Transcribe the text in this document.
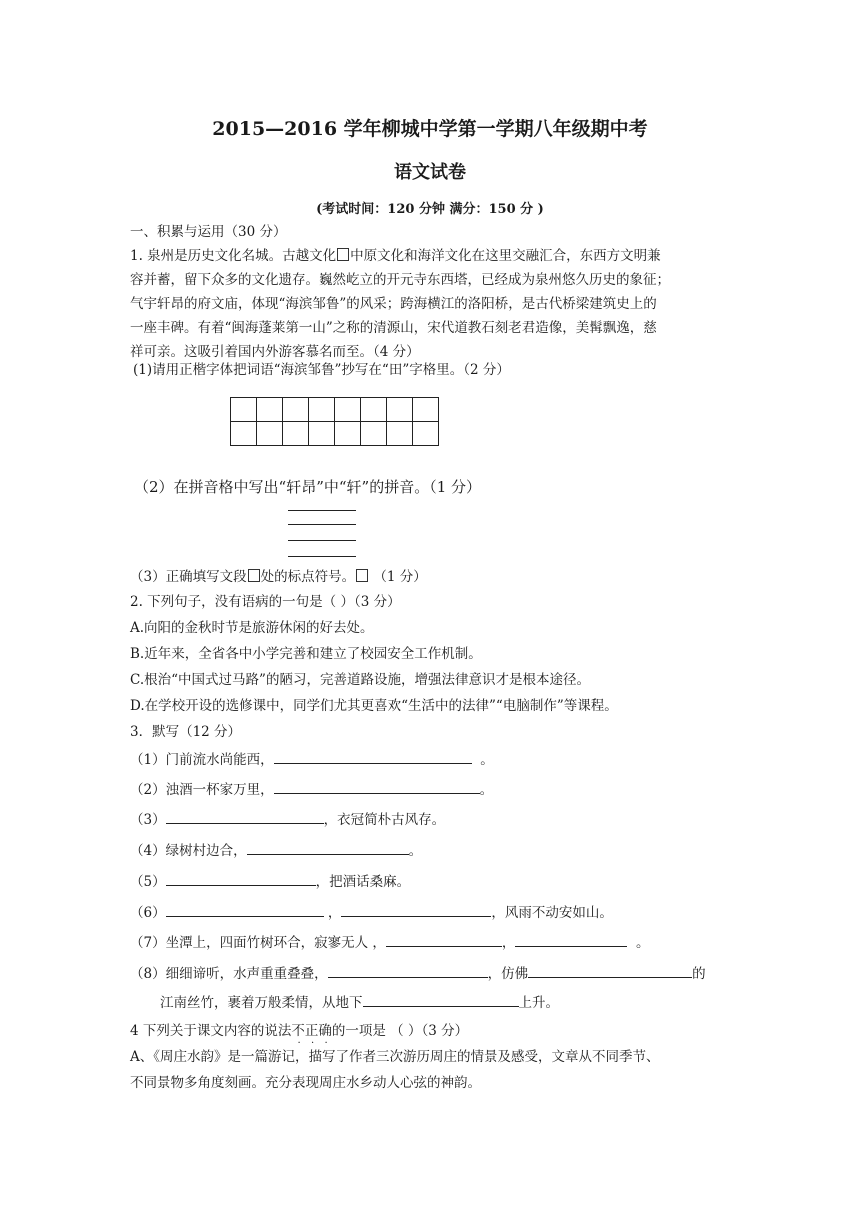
2015—2016 学年柳城中学第一学期八年级期中考
语文试卷
(考试时间：120 分钟 满分：150 分 )
一、积累与运用（30 分）
1. 泉州是历史文化名城。古越文化 中原文化和海洋文化在这里交融汇合，东西方文明兼
容并蓄，留下众多的文化遗存。巍然屹立的开元寺东西塔，已经成为泉州悠久历史的象征；
气宇轩昂的府文庙，体现“海滨邹鲁”的风采；跨海横江的洛阳桥，是古代桥梁建筑史上的
一座丰碑。有着“闽海蓬莱第一山”之称的清源山，宋代道教石刻老君造像，美髯飘逸，慈
祥可亲。这吸引着国内外游客慕名而至。（4 分）
(1)请用正楷字体把词语“海滨邹鲁”抄写在“田”字格里。（2 分）

（2）在拼音格中写出“轩昂”中“轩”的拼音。（1 分）
（3）正确填写文段 处的标点符号。 （1 分）
2. 下列句子，没有语病的一句是（ ）（3 分）
A.向阳的金秋时节是旅游休闲的好去处。
B.近年来，全省各中小学完善和建立了校园安全工作机制。
C.根治“中国式过马路”的陋习，完善道路设施，增强法律意识才是根本途径。
D.在学校开设的选修课中，同学们尤其更喜欢“生活中的法律”“电脑制作”等课程。
3．默写（12 分）
（1）门前流水尚能西，	。
（2）浊酒一杯家万里，	。
（3）	，衣冠简朴古风存。
（4）绿树村边合，	。
（5）	，把酒话桑麻。
（6）	，	，风雨不动安如山。
（7）坐潭上，四面竹树环合，寂寥无人 ，	，	。
（8）细细谛听，水声重重叠叠，	，仿佛	的
江南丝竹，裹着万般柔情，从地下	上升。
4 下列关于课文内容的说法不正确的一项是 （ ）（3 分）
A、《周庄水韵》是一篇游记，描写了作者三次游历周庄的情景及感受，文章从不同季节、
不同景物多角度刻画。充分表现周庄水乡动人心弦的神韵。
